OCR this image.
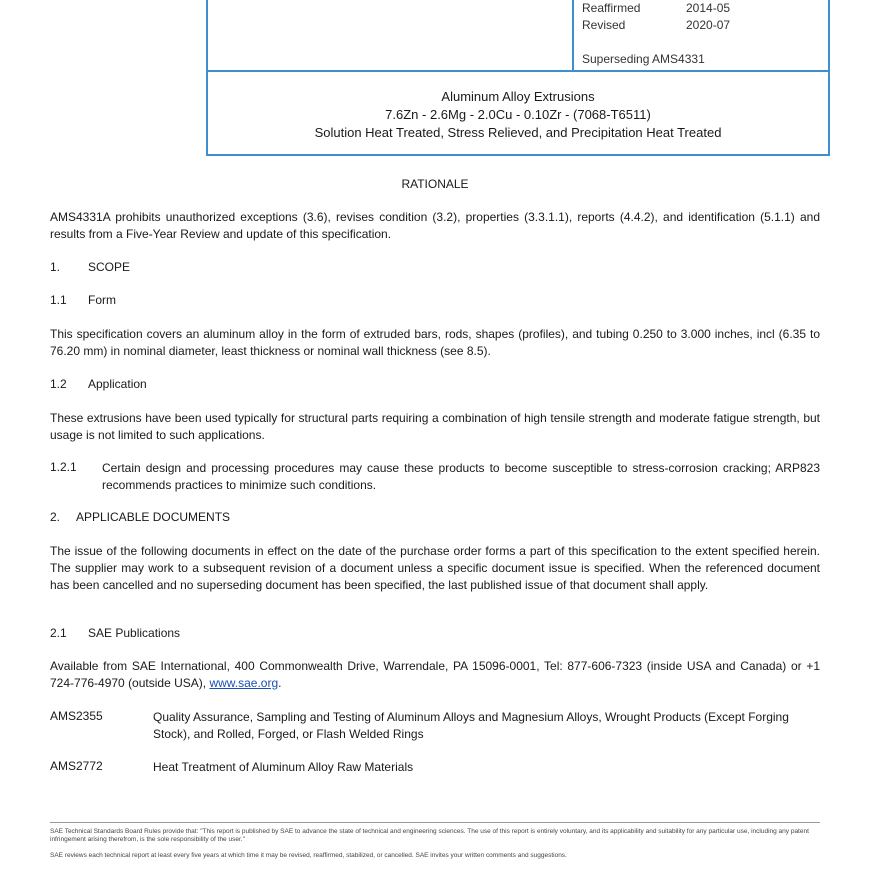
Reaffirmed	2014-05
Revised	2020-07
Superseding AMS4331
Aluminum Alloy Extrusions
7.6Zn - 2.6Mg - 2.0Cu - 0.10Zr - (7068-T6511)
Solution Heat Treated, Stress Relieved, and Precipitation Heat Treated
RATIONALE
AMS4331A prohibits unauthorized exceptions (3.6), revises condition (3.2), properties (3.3.1.1), reports (4.4.2), and identification (5.1.1) and results from a Five-Year Review and update of this specification.
1. SCOPE
1.1 Form
This specification covers an aluminum alloy in the form of extruded bars, rods, shapes (profiles), and tubing 0.250 to 3.000 inches, incl (6.35 to 76.20 mm) in nominal diameter, least thickness or nominal wall thickness (see 8.5).
1.2 Application
These extrusions have been used typically for structural parts requiring a combination of high tensile strength and moderate fatigue strength, but usage is not limited to such applications.
1.2.1 Certain design and processing procedures may cause these products to become susceptible to stress-corrosion cracking; ARP823 recommends practices to minimize such conditions.
2. APPLICABLE DOCUMENTS
The issue of the following documents in effect on the date of the purchase order forms a part of this specification to the extent specified herein. The supplier may work to a subsequent revision of a document unless a specific document issue is specified. When the referenced document has been cancelled and no superseding document has been specified, the last published issue of that document shall apply.
2.1 SAE Publications
Available from SAE International, 400 Commonwealth Drive, Warrendale, PA 15096-0001, Tel: 877-606-7323 (inside USA and Canada) or +1 724-776-4970 (outside USA), www.sae.org.
AMS2355	Quality Assurance, Sampling and Testing of Aluminum Alloys and Magnesium Alloys, Wrought Products (Except Forging Stock), and Rolled, Forged, or Flash Welded Rings
AMS2772	Heat Treatment of Aluminum Alloy Raw Materials
SAE Technical Standards Board Rules provide that: "This report is published by SAE to advance the state of technical and engineering sciences. The use of this report is entirely voluntary, and its applicability and suitability for any particular use, including any patent infringement arising therefrom, is the sole responsibility of the user."
SAE reviews each technical report at least every five years at which time it may be revised, reaffirmed, stabilized, or cancelled. SAE invites your written comments and suggestions.
